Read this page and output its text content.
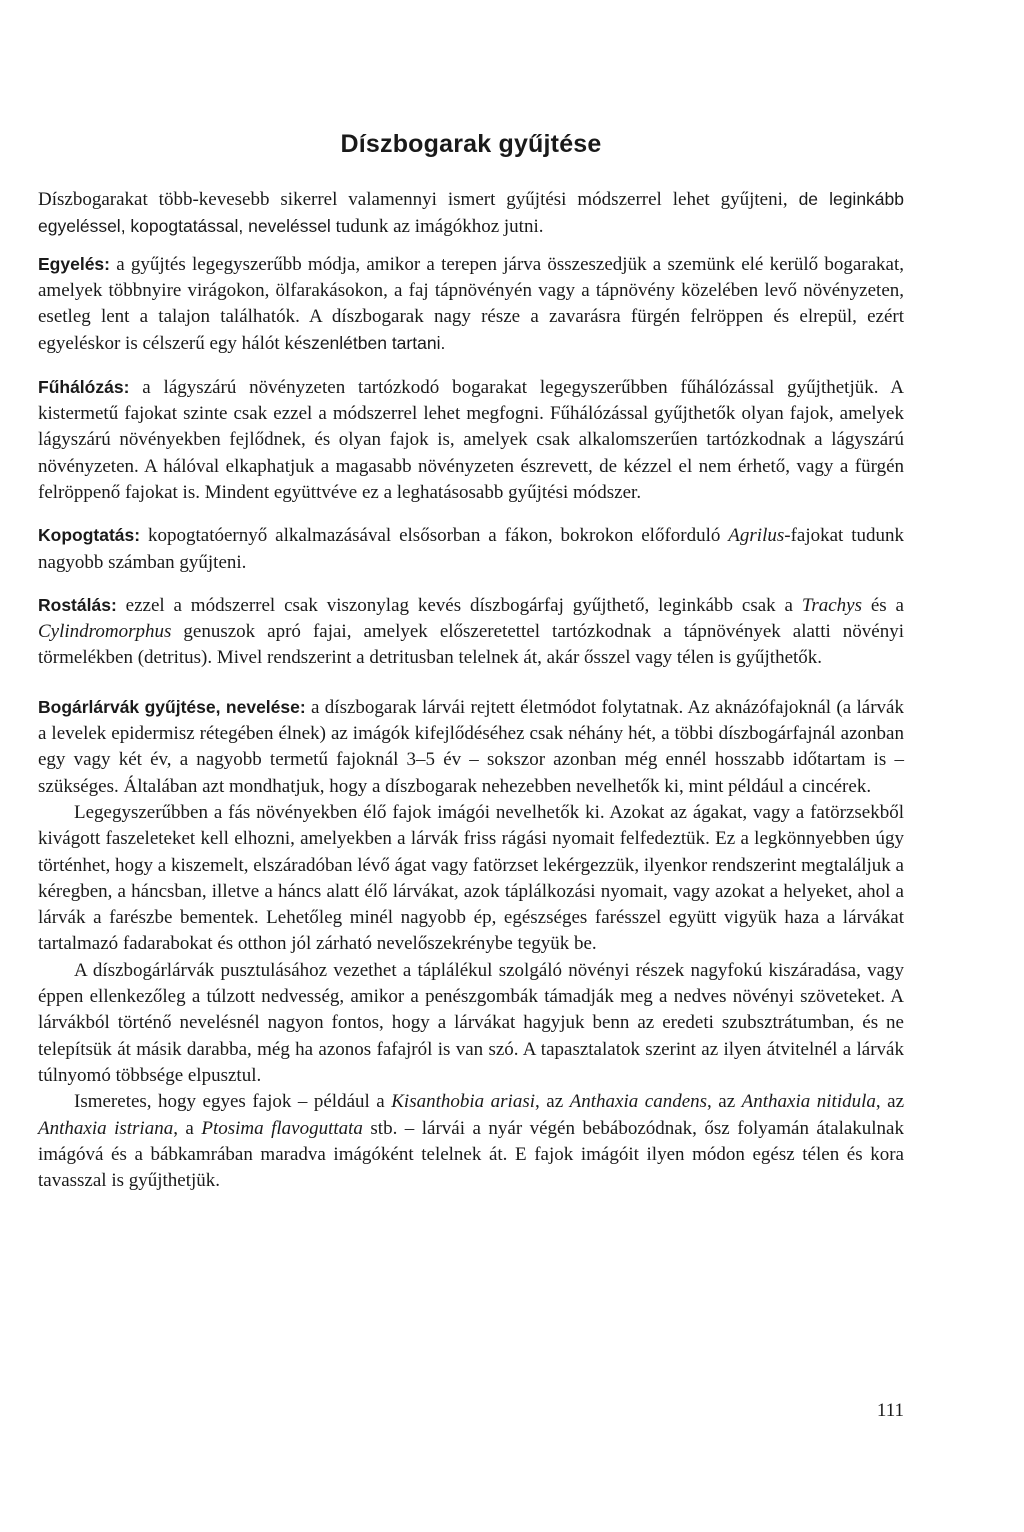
Díszbogarak gyűjtése

Díszbogarakat több-kevesebb sikerrel valamennyi ismert gyűjtési módszerrel lehet gyűjteni, de leginkább egyeléssel, kopogtatással, neveléssel tudunk az imágókhoz jutni.

Egyelés: a gyűjtés legegyszerűbb módja, amikor a terepen járva összeszedjük a szemünk elé kerülő bogarakat, amelyek többnyire virágokon, ölfarakásokon, a faj tápnövényén vagy a tápnövény közelében levő növényzeten, esetleg lent a talajon találhatók. A díszbogarak nagy része a zavarásra fürgén felröppen és elrepül, ezért egyeléskor is célszerű egy hálót készenlétben tartani.

Fűhálózás: a lágyszárú növényzeten tartózkodó bogarakat legegyszerűbben fűhálózással gyűjthetjük. A kistermetű fajokat szinte csak ezzel a módszerrel lehet megfogni. Fűhálózással gyűjthetők olyan fajok, amelyek lágyszárú növényekben fejlődnek, és olyan fajok is, amelyek csak alkalomszerűen tartózkodnak a lágyszárú növényzeten. A hálóval elkaphatjuk a magasabb növényzeten észrevett, de kézzel el nem érhető, vagy a fürgén felröppenő fajokat is. Mindent együttvéve ez a leghatásosabb gyűjtési módszer.

Kopogtatás: kopogtatóernyő alkalmazásával elsősorban a fákon, bokrokon előforduló Agrilus-fajokat tudunk nagyobb számban gyűjteni.

Rostálás: ezzel a módszerrel csak viszonylag kevés díszbogárfaj gyűjthető, leginkább csak a Trachys és a Cylindromorphus genuszok apró fajai, amelyek előszeretettel tartózkodnak a tápnövények alatti növényi törmelékben (detritus). Mivel rendszerint a detritusban telelnek át, akár ősszel vagy télen is gyűjthetők.

Bogárlárvák gyűjtése, nevelése: a díszbogarak lárvái rejtett életmódot folytatnak. Az aknázófajoknál (a lárvák a levelek epidermisz rétegében élnek) az imágók kifejlődéséhez csak néhány hét, a többi díszbogárfajnál azonban egy vagy két év, a nagyobb termetű fajoknál 3–5 év – sokszor azonban még ennél hosszabb időtartam is – szükséges. Általában azt mondhatjuk, hogy a díszbogarak nehezebben nevelhetők ki, mint például a cincérek.

Legegyszerűbben a fás növényekben élő fajok imágói nevelhetők ki. Azokat az ágakat, vagy a fatörzsekből kivágott faszeleteket kell elhozni, amelyekben a lárvák friss rágási nyomait felfedeztük. Ez a legkönnyebben úgy történhet, hogy a kiszemelt, elszáradóban lévő ágat vagy fatörzset lekérgezzük, ilyenkor rendszerint megtaláljuk a kéregben, a háncsban, illetve a háncs alatt élő lárvákat, azok táplálkozási nyomait, vagy azokat a helyeket, ahol a lárvák a farészbe bementek. Lehetőleg minél nagyobb ép, egészséges farésszel együtt vigyük haza a lárvákat tartalmazó fadarabokat és otthon jól zárható nevelőszekrénybe tegyük be.

A díszbogárlárvák pusztulásához vezethet a táplálékul szolgáló növényi részek nagyfokú kiszáradása, vagy éppen ellenkezőleg a túlzott nedvesség, amikor a penészgombák támadják meg a nedves növényi szöveteket. A lárvákból történő nevelésnél nagyon fontos, hogy a lárvákat hagyjuk benn az eredeti szubsztrátumban, és ne telepítsük át másik darabba, még ha azonos fafajról is van szó. A tapasztalatok szerint az ilyen átvitelnél a lárvák túlnyomó többsége elpusztul.

Ismeretes, hogy egyes fajok – például a Kisanthobia ariasi, az Anthaxia candens, az Anthaxia nitidula, az Anthaxia istriana, a Ptosima flavoguttata stb. – lárvái a nyár végén bebábozódnak, ősz folyamán átalakulnak imágóvá és a bábkamrában maradva imágóként telelnek át. E fajok imágóit ilyen módon egész télen és kora tavasszal is gyűjthetjük.

111
